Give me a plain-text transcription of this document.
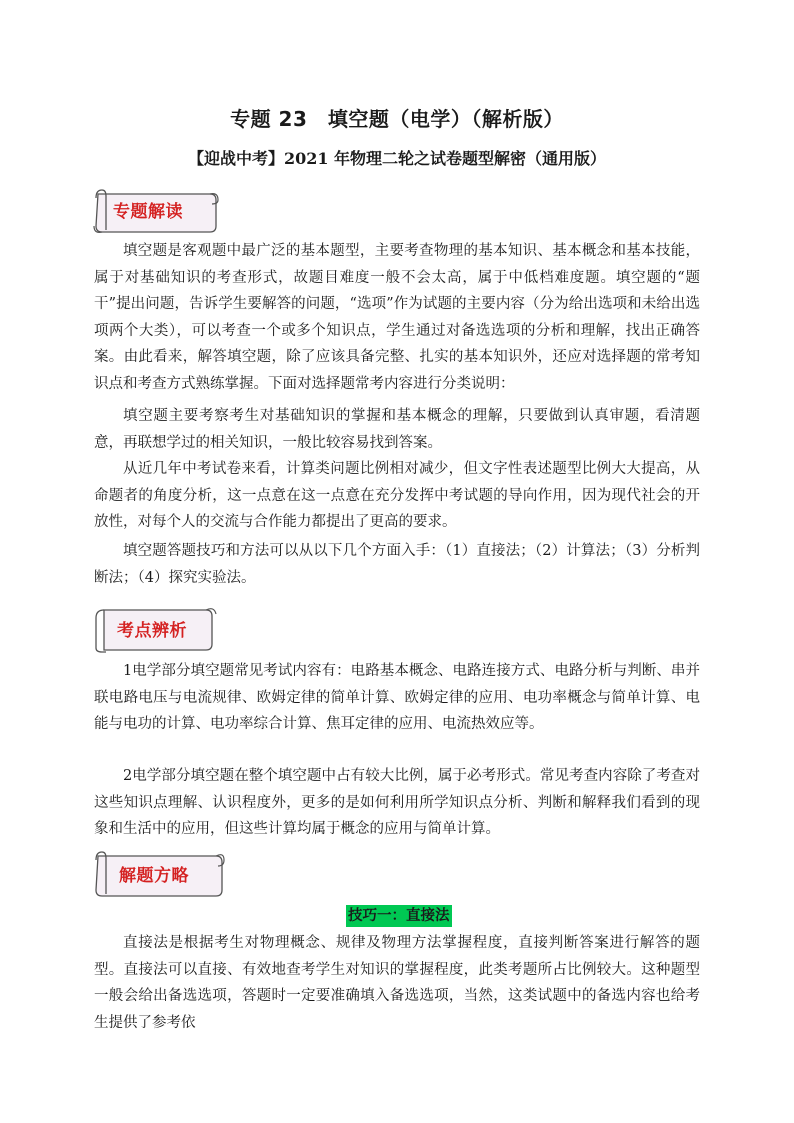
专题 23　填空题（电学）（解析版）
【迎战中考】2021 年物理二轮之试卷题型解密（通用版）
专题解读
填空题是客观题中最广泛的基本题型，主要考查物理的基本知识、基本概念和基本技能，属于对基础知识的考查形式，故题目难度一般不会太高，属于中低档难度题。填空题的“题干”提出问题，告诉学生要解答的问题，“选项”作为试题的主要内容（分为给出选项和未给出选项两个大类），可以考查一个或多个知识点，学生通过对备选选项的分析和理解，找出正确答案。由此看来，解答填空题，除了应该具备完整、扎实的基本知识外，还应对选择题的常考知识点和考查方式熟练掌握。下面对选择题常考内容进行分类说明：
填空题主要考察考生对基础知识的掌握和基本概念的理解，只要做到认真审题，看清题意，再联想学过的相关知识，一般比较容易找到答案。
从近几年中考试卷来看，计算类问题比例相对减少，但文字性表述题型比例大大提高，从命题者的角度分析，这一点意在这一点意在充分发挥中考试题的导向作用，因为现代社会的开放性，对每个人的交流与合作能力都提出了更高的要求。
填空题答题技巧和方法可以从以下几个方面入手：（1）直接法；（2）计算法；（3）分析判断法；（4）探究实验法。
考点辨析
1电学部分填空题常见考试内容有：电路基本概念、电路连接方式、电路分析与判断、串并联电路电压与电流规律、欧姆定律的简单计算、欧姆定律的应用、电功率概念与简单计算、电能与电功的计算、电功率综合计算、焦耳定律的应用、电流热效应等。
2电学部分填空题在整个填空题中占有较大比例，属于必考形式。常见考查内容除了考查对这些知识点理解、认识程度外，更多的是如何利用所学知识点分析、判断和解释我们看到的现象和生活中的应用，但这些计算均属于概念的应用与简单计算。
解题方略
技巧一：直接法
直接法是根据考生对物理概念、规律及物理方法掌握程度，直接判断答案进行解答的题型。直接法可以直接、有效地查考学生对知识的掌握程度，此类考题所占比例较大。这种题型一般会给出备选选项，答题时一定要准确填入备选选项，当然，这类试题中的备选内容也给考生提供了参考依
